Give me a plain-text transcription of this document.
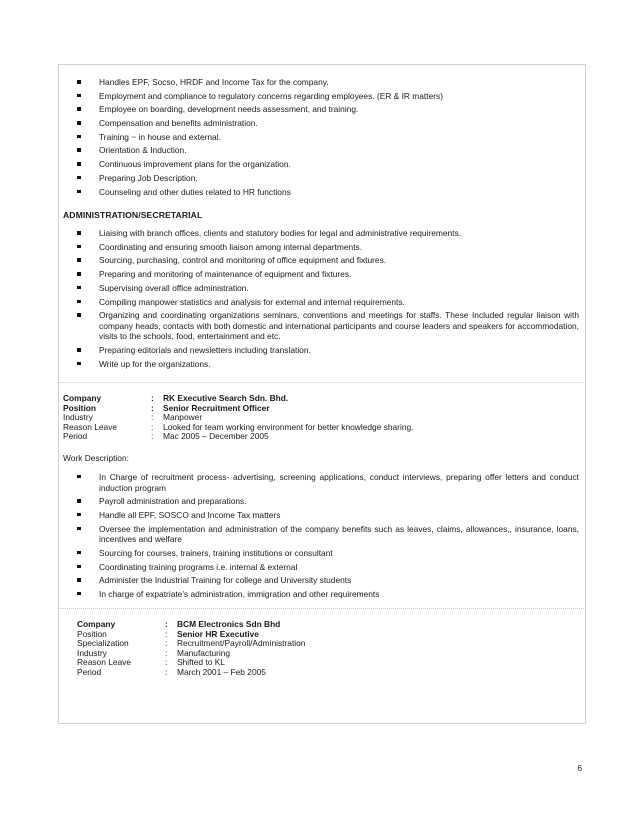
Handles EPF, Socso, HRDF and Income Tax for the company.
Employment and compliance to regulatory concerns regarding employees. (ER & IR matters)
Employee on boarding, development needs assessment, and training.
Compensation and benefits administration.
Training ~ in house and external.
Orientation & Induction.
Continuous improvement plans for the organization.
Preparing Job Description.
Counseling and other duties related to HR functions
ADMINISTRATION/SECRETARIAL
Liaising with branch offices, clients and statutory bodies for legal and administrative requirements.
Coordinating and ensuring smooth liaison among internal departments.
Sourcing, purchasing, control and monitoring of office equipment and fixtures.
Preparing and monitoring of maintenance of equipment and fixtures.
Supervising overall office administration.
Compiling manpower statistics and analysis for external and internal requirements.
Organizing and coordinating organizations seminars, conventions and meetings for staffs. These Included regular liaison with company heads, contacts with both domestic and international participants and course leaders and speakers for accommodation, visits to the schools, food, entertainment and etc.
Preparing editorials and newsletters including translation.
Write up for the organizations.
Company	:	RK Executive Search Sdn. Bhd.
Position	:	Senior Recruitment Officer
Industry	:	Manpower
Reason Leave	:	Looked for team working environment for better knowledge sharing.
Period	:	Mac 2005 – December 2005
Work Description:
In Charge of recruitment process- advertising, screening applications, conduct interviews, preparing offer letters and conduct induction program
Payroll administration and preparations.
Handle all EPF, SOSCO and Income Tax matters
Oversee the implementation and administration of the company benefits such as leaves, claims, allowances,, insurance, loans, incentives and welfare
Sourcing for courses, trainers, training institutions or consultant
Coordinating training programs i.e. internal & external
Administer the Industrial Training for college and University students
In charge of expatriate's administration, immigration and other requirements
Company	:	BCM Electronics Sdn Bhd
Position	:	Senior HR Executive
Specialization	:	Recruitment/Payroll/Administration
Industry	:	Manufacturing
Reason Leave	:	Shifted to KL
Period	:	March 2001 – Feb 2005
6
